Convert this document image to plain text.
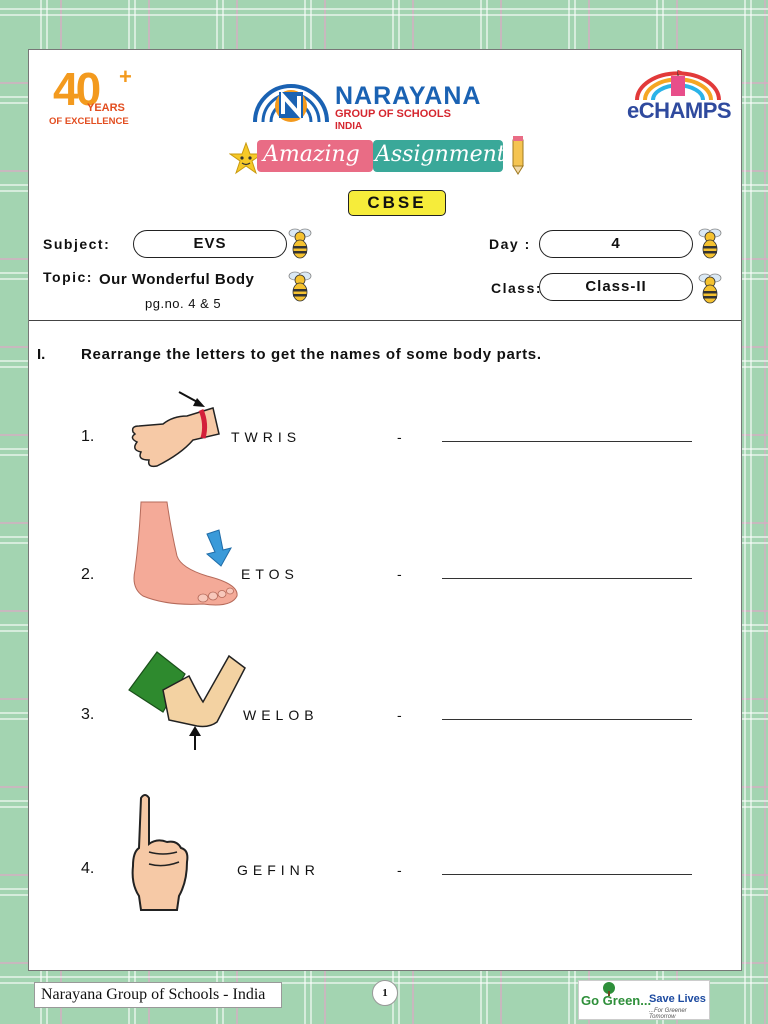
40 +
YEARS
OF EXCELLENCE
NARAYANA
GROUP OF SCHOOLS
INDIA
eCHAMPS
Amazing Assignment
CBSE
Subject:	EVS	Day :	4
Topic: Our Wonderful Body
pg.no. 4 & 5
Class:	Class-II
I. Rearrange the letters to get the names of some body parts.
1.	TWRIS	-
2.	ETOS	-
3.	WELOB	-
4.	GEFINR	-
Narayana Group of Schools - India	1	Go Green...
Save Lives
...For Greener Tomorrow
